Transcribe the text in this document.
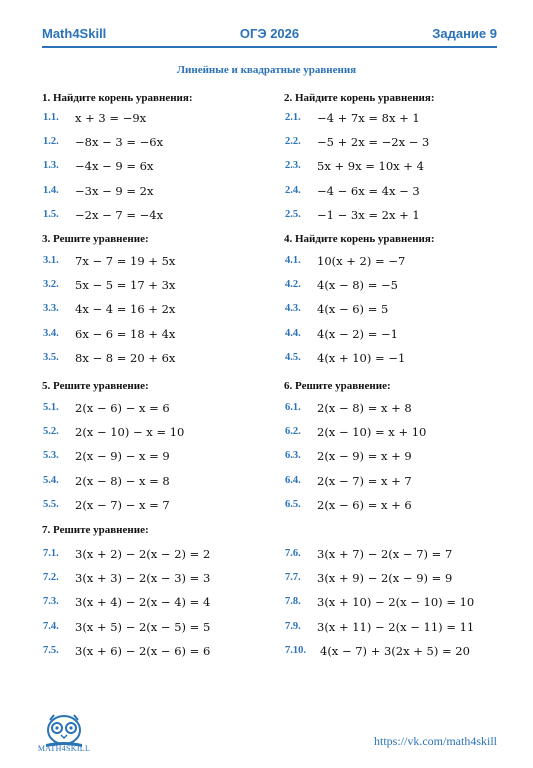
Math4Skill	ОГЭ 2026	Задание 9
Линейные и квадратные уравнения
1. Найдите корень уравнения:
1.1. x + 3 = −9x
1.2. −8x − 3 = −6x
1.3. −4x − 9 = 6x
1.4. −3x − 9 = 2x
1.5. −2x − 7 = −4x
2. Найдите корень уравнения:
2.1. −4 + 7x = 8x + 1
2.2. −5 + 2x = −2x − 3
2.3. 5x + 9x = 10x + 4
2.4. −4 − 6x = 4x − 3
2.5. −1 − 3x = 2x + 1
3. Решите уравнение:
3.1. 7x − 7 = 19 + 5x
3.2. 5x − 5 = 17 + 3x
3.3. 4x − 4 = 16 + 2x
3.4. 6x − 6 = 18 + 4x
3.5. 8x − 8 = 20 + 6x
4. Найдите корень уравнения:
4.1. 10(x + 2) = −7
4.2. 4(x − 8) = −5
4.3. 4(x − 6) = 5
4.4. 4(x − 2) = −1
4.5. 4(x + 10) = −1
5. Решите уравнение:
5.1. 2(x − 6) − x = 6
5.2. 2(x − 10) − x = 10
5.3. 2(x − 9) − x = 9
5.4. 2(x − 8) − x = 8
5.5. 2(x − 7) − x = 7
6. Решите уравнение:
6.1. 2(x − 8) = x + 8
6.2. 2(x − 10) = x + 10
6.3. 2(x − 9) = x + 9
6.4. 2(x − 7) = x + 7
6.5. 2(x − 6) = x + 6
7. Решите уравнение:
7.1. 3(x + 2) − 2(x − 2) = 2
7.2. 3(x + 3) − 2(x − 3) = 3
7.3. 3(x + 4) − 2(x − 4) = 4
7.4. 3(x + 5) − 2(x − 5) = 5
7.5. 3(x + 6) − 2(x − 6) = 6
7.6. 3(x + 7) − 2(x − 7) = 7
7.7. 3(x + 9) − 2(x − 9) = 9
7.8. 3(x + 10) − 2(x − 10) = 10
7.9. 3(x + 11) − 2(x − 11) = 11
7.10. 4(x − 7) + 3(2x + 5) = 20
MATH4SKILL
https://vk.com/math4skill
